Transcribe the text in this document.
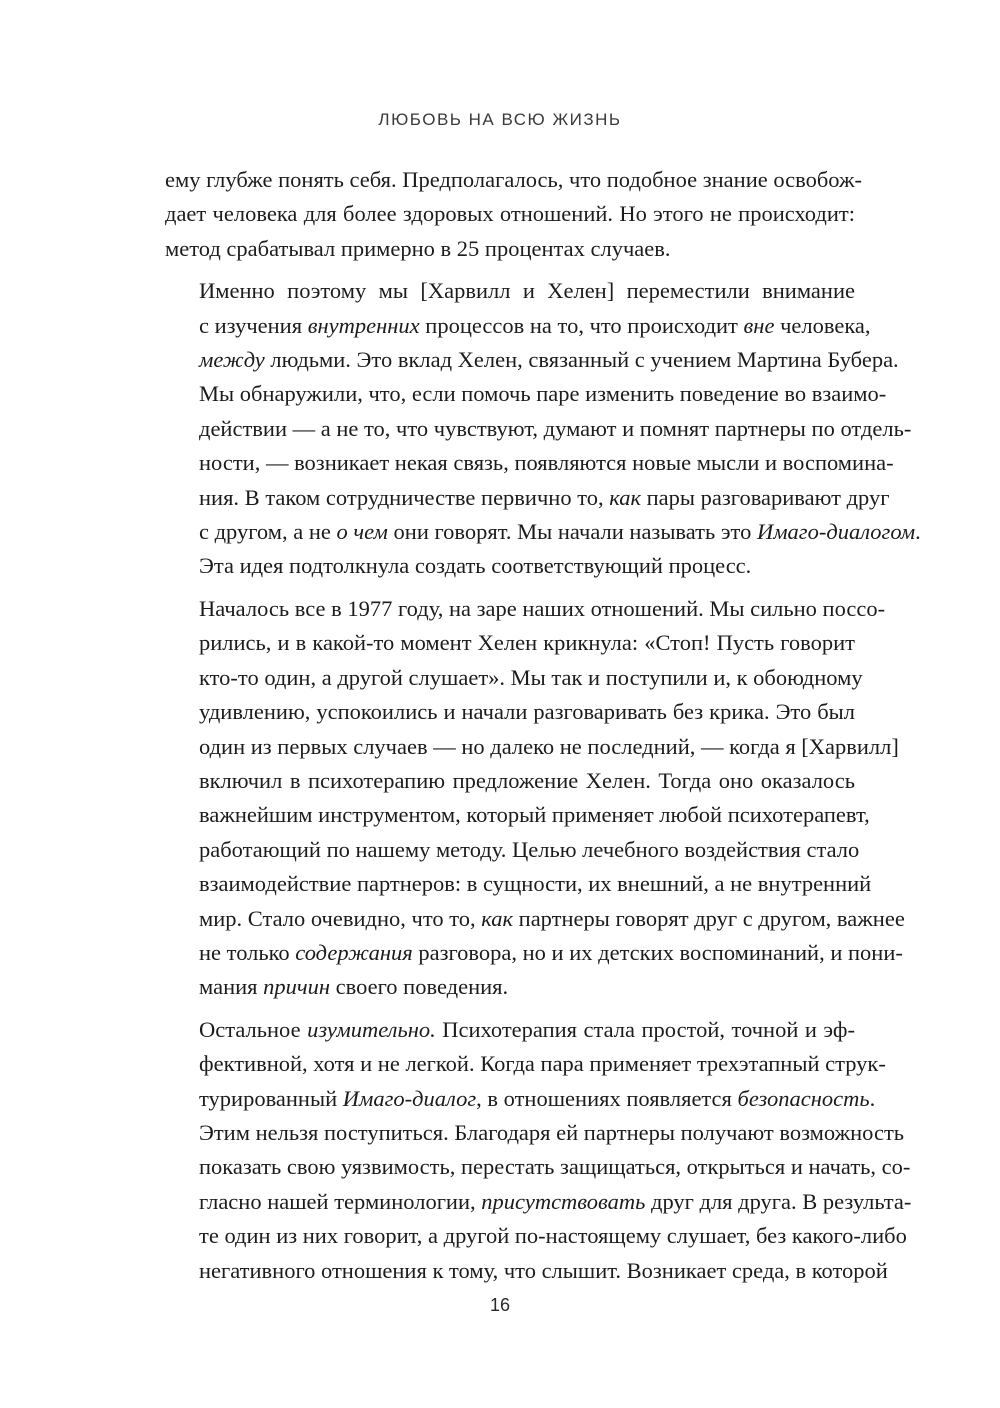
ЛЮБОВЬ НА ВСЮ ЖИЗНЬ

ему глубже понять себя. Предполагалось, что подобное знание освобож-
дает человека для более здоровых отношений. Но этого не происходит:
метод срабатывал примерно в 25 процентах случаев.

Именно поэтому мы [Харвилл и Хелен] переместили внимание
с изучения внутренних процессов на то, что происходит вне человека,
между людьми. Это вклад Хелен, связанный с учением Мартина Бубера.
Мы обнаружили, что, если помочь паре изменить поведение во взаимо-
действии — а не то, что чувствуют, думают и помнят партнеры по отдель-
ности, — возникает некая связь, появляются новые мысли и воспомина-
ния. В таком сотрудничестве первично то, как пары разговаривают друг
с другом, а не о чем они говорят. Мы начали называть это Имаго-диалогом.
Эта идея подтолкнула создать соответствующий процесс.

Началось все в 1977 году, на заре наших отношений. Мы сильно поссо-
рились, и в какой-то момент Хелен крикнула: «Стоп! Пусть говорит
кто-то один, а другой слушает». Мы так и поступили и, к обоюдному
удивлению, успокоились и начали разговаривать без крика. Это был
один из первых случаев — но далеко не последний, — когда я [Харвилл]
включил в психотерапию предложение Хелен. Тогда оно оказалось
важнейшим инструментом, который применяет любой психотерапевт,
работающий по нашему методу. Целью лечебного воздействия стало
взаимодействие партнеров: в сущности, их внешний, а не внутренний
мир. Стало очевидно, что то, как партнеры говорят друг с другом, важнее
не только содержания разговора, но и их детских воспоминаний, и пони-
мания причин своего поведения.

Остальное изумительно. Психотерапия стала простой, точной и эф-
фективной, хотя и не легкой. Когда пара применяет трехэтапный струк-
турированный Имаго-диалог, в отношениях появляется безопасность.
Этим нельзя поступиться. Благодаря ей партнеры получают возможность
показать свою уязвимость, перестать защищаться, открыться и начать, со-
гласно нашей терминологии, присутствовать друг для друга. В результа-
те один из них говорит, а другой по-настоящему слушает, без какого-либо
негативного отношения к тому, что слышит. Возникает среда, в которой

16
